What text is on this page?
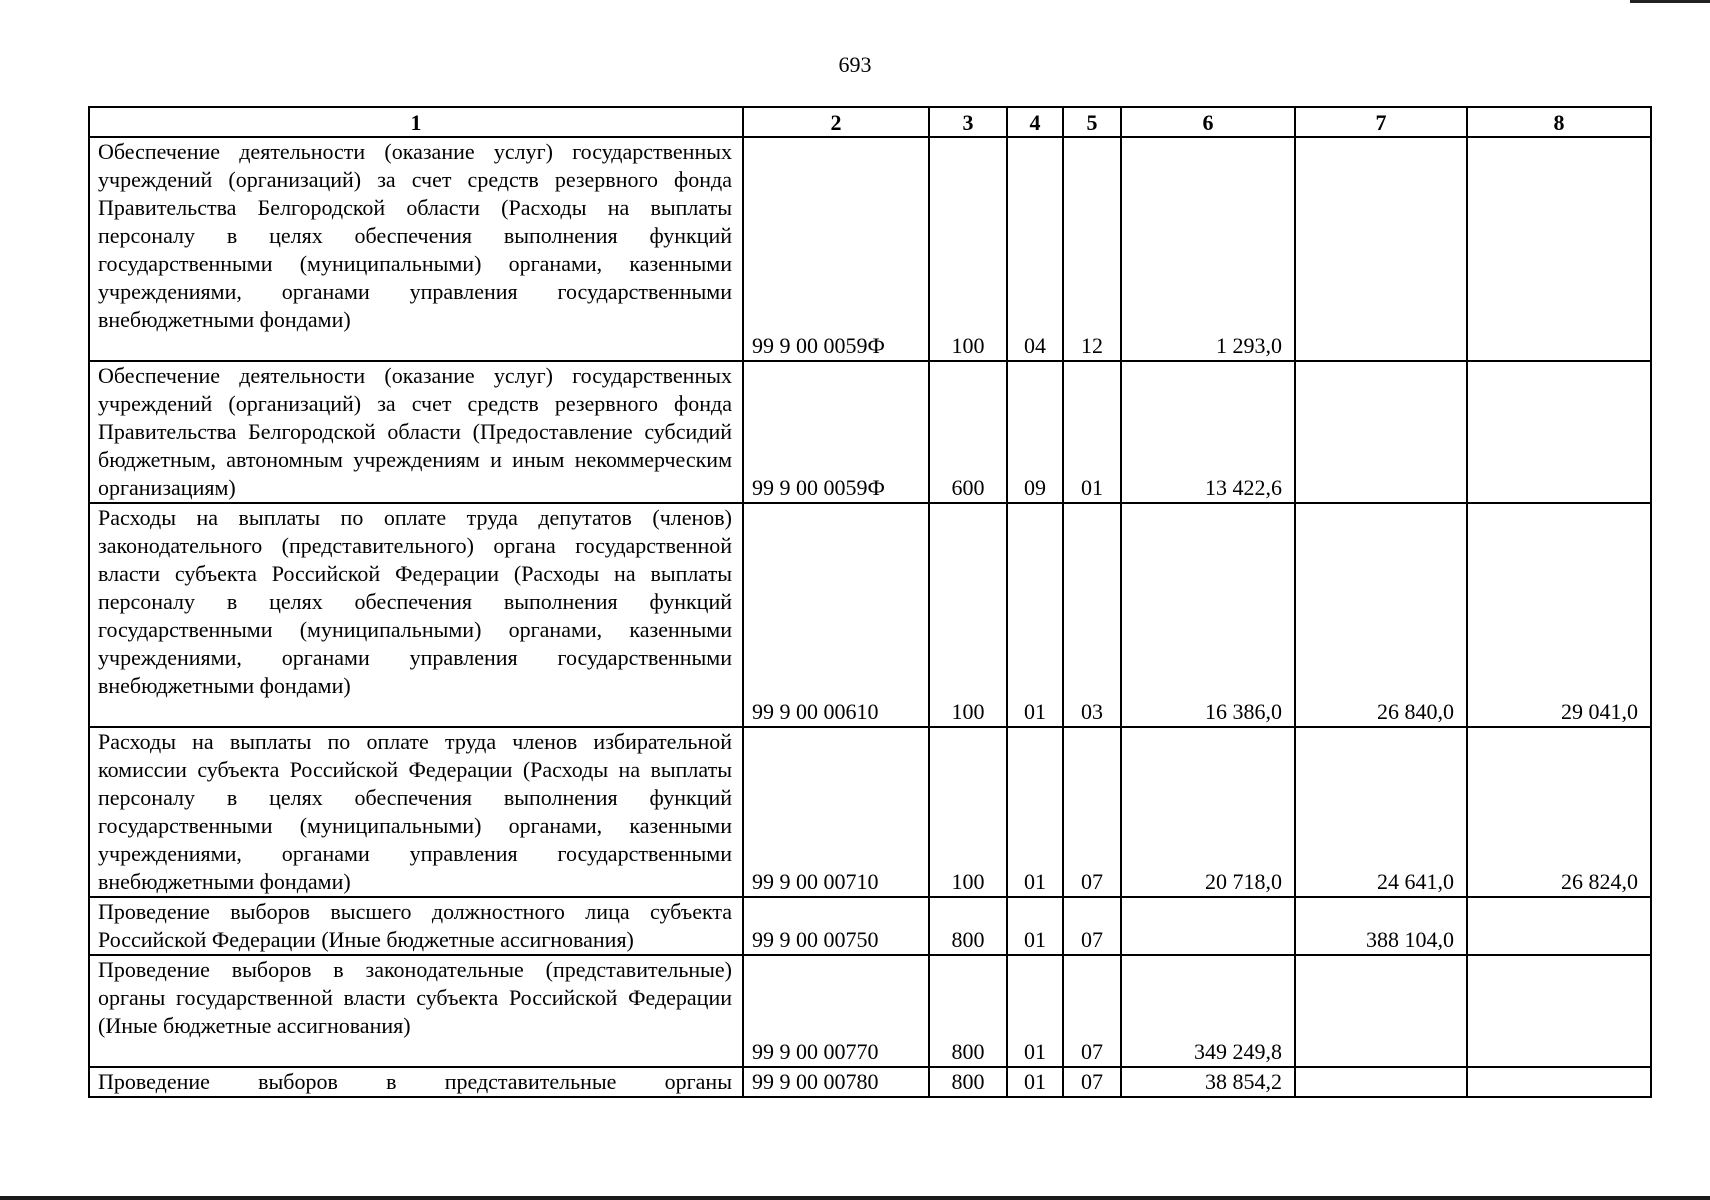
693
1	2	3	4	5	6	7	8
Обеспечение деятельности (оказание услуг) государственных учреждений (организаций) за счет средств резервного фонда Правительства Белгородской области (Расходы на выплаты персоналу в целях обеспечения выполнения функций государственными (муниципальными) органами, казенными учреждениями, органами управления государственными внебюджетными фондами)	99 9 00 0059Ф	100	04	12	1 293,0		
Обеспечение деятельности (оказание услуг) государственных учреждений (организаций) за счет средств резервного фонда Правительства Белгородской области (Предоставление субсидий бюджетным, автономным учреждениям и иным некоммерческим организациям)	99 9 00 0059Ф	600	09	01	13 422,6		
Расходы на выплаты по оплате труда депутатов (членов) законодательного (представительного) органа государственной власти субъекта Российской Федерации (Расходы на выплаты персоналу в целях обеспечения выполнения функций государственными (муниципальными) органами, казенными учреждениями, органами управления государственными внебюджетными фондами)	99 9 00 00610	100	01	03	16 386,0	26 840,0	29 041,0
Расходы на выплаты по оплате труда членов избирательной комиссии субъекта Российской Федерации (Расходы на выплаты персоналу в целях обеспечения выполнения функций государственными (муниципальными) органами, казенными учреждениями, органами управления государственными внебюджетными фондами)	99 9 00 00710	100	01	07	20 718,0	24 641,0	26 824,0
Проведение выборов высшего должностного лица субъекта Российской Федерации (Иные бюджетные ассигнования)	99 9 00 00750	800	01	07		388 104,0	
Проведение выборов в законодательные (представительные) органы государственной власти субъекта Российской Федерации (Иные бюджетные ассигнования)	99 9 00 00770	800	01	07	349 249,8		
Проведение выборов в представительные органы	99 9 00 00780	800	01	07	38 854,2		
